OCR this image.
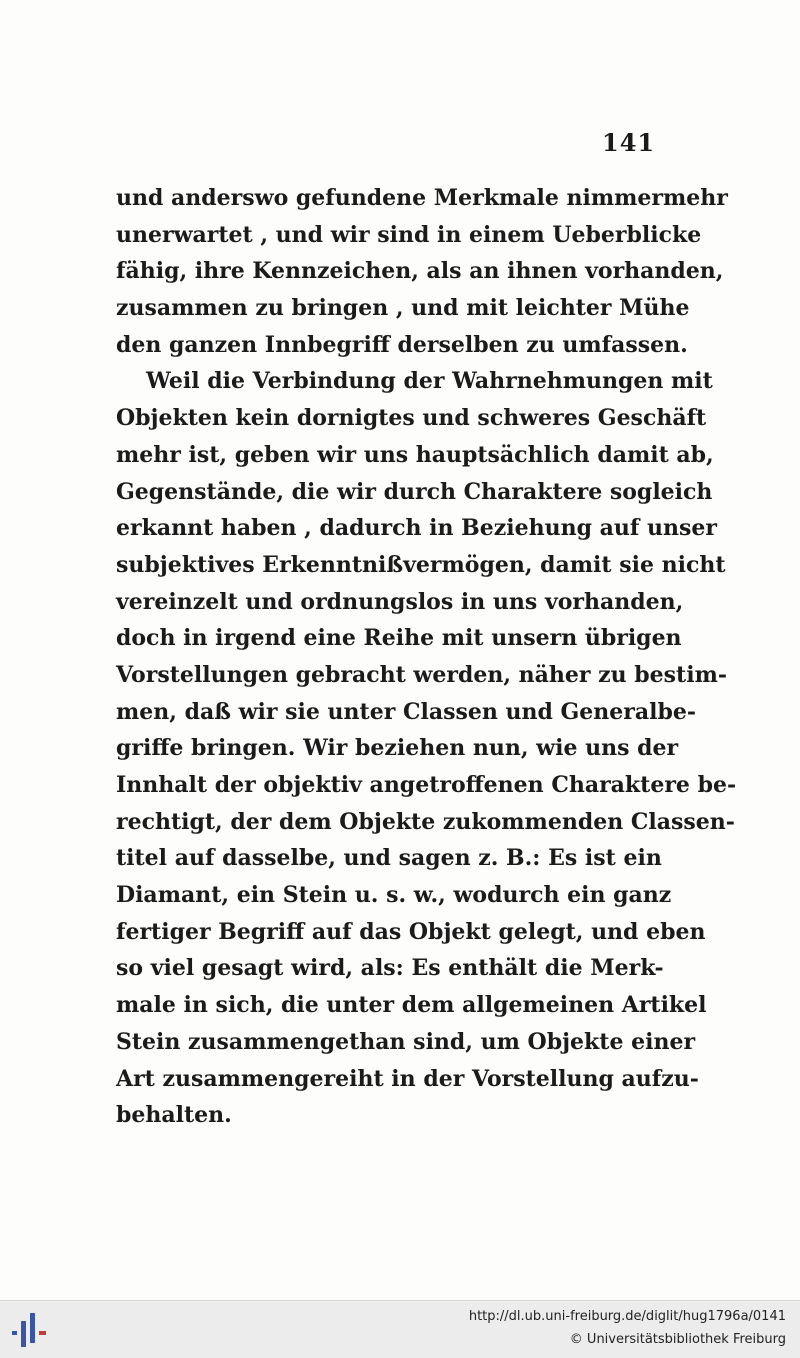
141
und anderswo gefundene Merkmale nimmermehr
unerwartet , und wir sind in einem Ueberblicke
fähig, ihre Kennzeichen, als an ihnen vorhanden,
zusammen zu bringen , und mit leichter Mühe
den ganzen Innbegriff derselben zu umfassen.
Weil die Verbindung der Wahrnehmungen mit
Objekten kein dornigtes und schweres Geschäft
mehr ist, geben wir uns hauptsächlich damit ab,
Gegenstände, die wir durch Charaktere sogleich
erkannt haben , dadurch in Beziehung auf unser
subjektives Erkenntnißvermögen, damit sie nicht
vereinzelt und ordnungslos in uns vorhanden,
doch in irgend eine Reihe mit unsern übrigen
Vorstellungen gebracht werden, näher zu bestim-
men, daß wir sie unter Classen und Generalbe-
griffe bringen. Wir beziehen nun, wie uns der
Innhalt der objektiv angetroffenen Charaktere be-
rechtigt, der dem Objekte zukommenden Classen-
titel auf dasselbe, und sagen z. B.: Es ist ein
Diamant, ein Stein u. s. w., wodurch ein ganz
fertiger Begriff auf das Objekt gelegt, und eben
so viel gesagt wird, als: Es enthält die Merk-
male in sich, die unter dem allgemeinen Artikel
Stein zusammengethan sind, um Objekte einer
Art zusammengereiht in der Vorstellung aufzu-
behalten.
http://dl.ub.uni-freiburg.de/diglit/hug1796a/0141
© Universitätsbibliothek Freiburg
